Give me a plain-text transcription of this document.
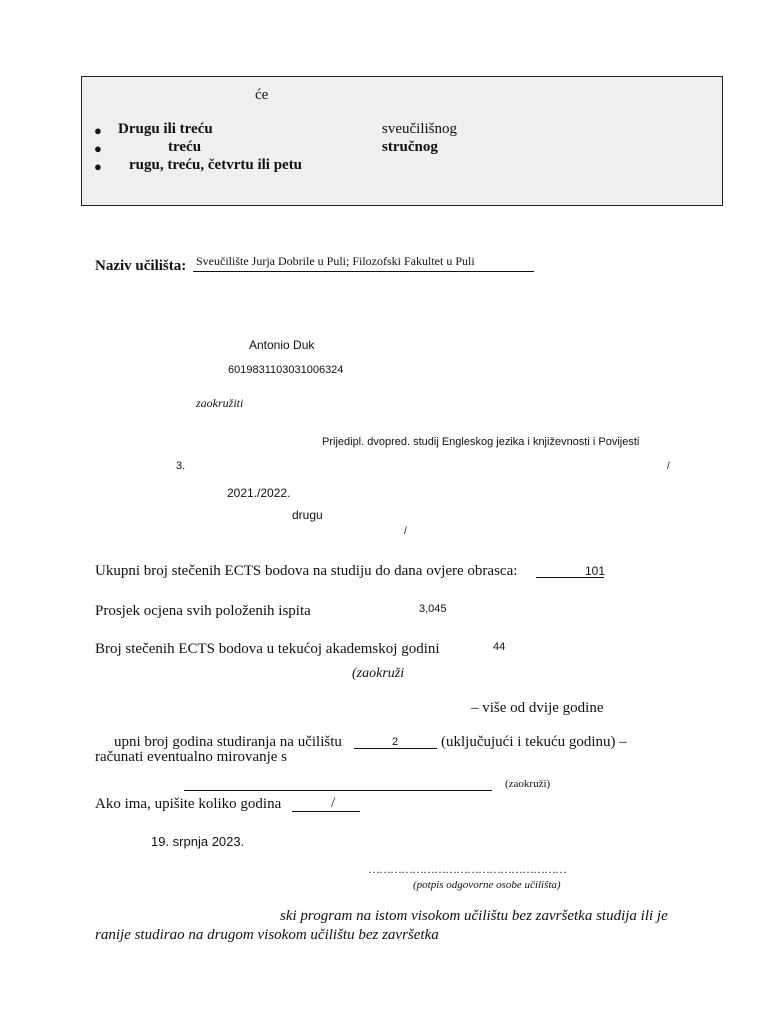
će
● Drugu ili treću	sveučilišnog
●	treću	stručnog
● rugu, treću, četvrtu ili petu
Naziv učilišta: Sveučilište Jurja Dobrile u Puli; Filozofski Fakultet u Puli
Antonio Duk
6019831103031006324
zaokružiti
Prijedipl. dvopred. studij Engleskog jezika i književnosti i Povijesti
3.	/
2021./2022.
drugu
/
Ukupni broj stečenih ECTS bodova na studiju do dana ovjere obrasca:	101
Prosjek ocjena svih položenih ispita	3,045
Broj stečenih ECTS bodova u tekućoj akademskoj godini	44
(zaokruži
– više od dvije godine
upni broj godina studiranja na učilištu	2	(uključujući i tekuću godinu) –
računati eventualno mirovanje s
(zaokruži)
Ako ima, upišite koliko godina	/
19. srpnja 2023.
………………………………………………
(potpis odgovorne osobe učilišta)
ski program na istom visokom učilištu bez završetka studija ili je
ranije studirao na drugom visokom učilištu bez završetka
